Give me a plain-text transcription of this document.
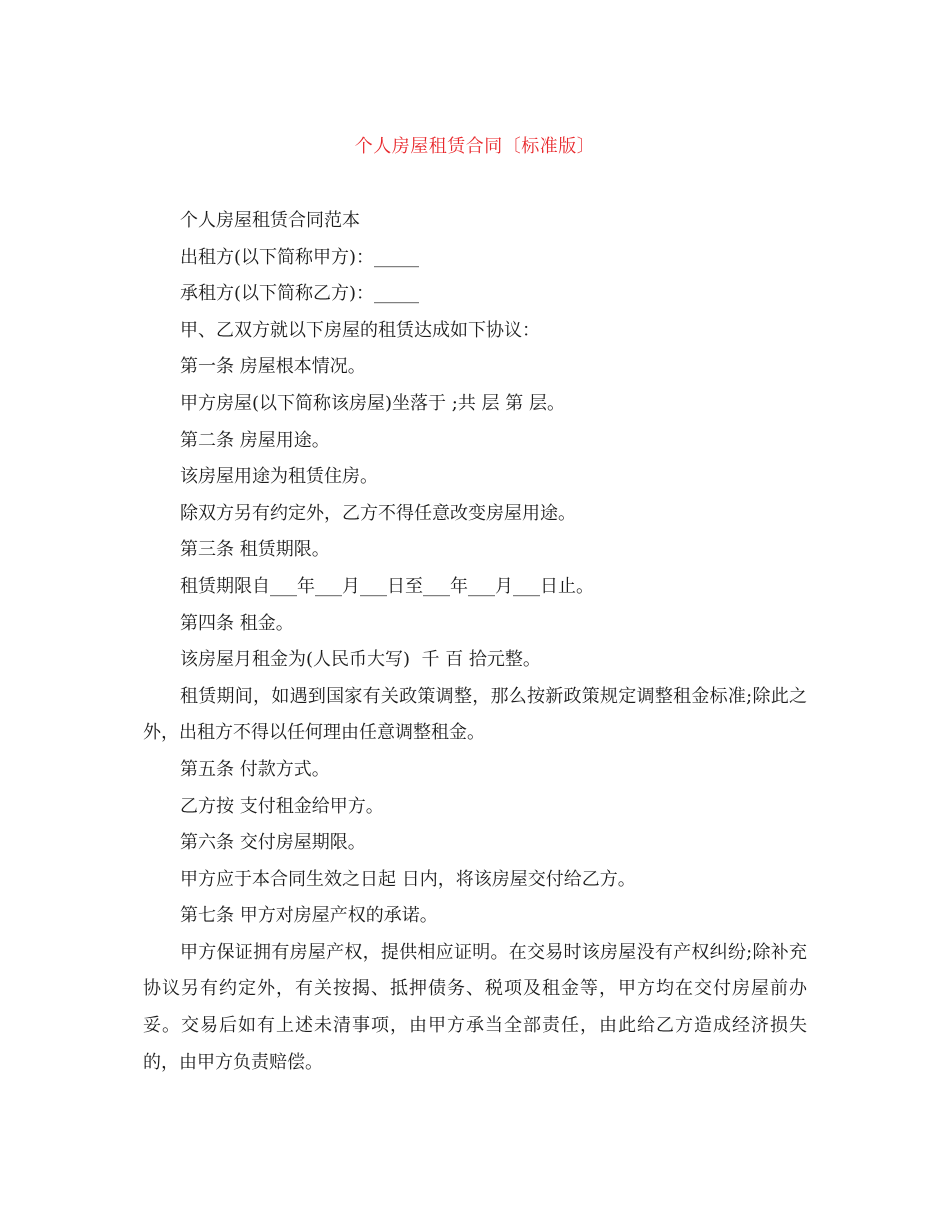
个人房屋租赁合同〔标准版〕

个人房屋租赁合同范本

出租方(以下简称甲方)：_____

承租方(以下简称乙方)：_____

甲、乙双方就以下房屋的租赁达成如下协议：

第一条 房屋根本情况。

甲方房屋(以下简称该房屋)坐落于 ;共 层 第 层。

第二条 房屋用途。

该房屋用途为租赁住房。

除双方另有约定外，乙方不得任意改变房屋用途。

第三条 租赁期限。

租赁期限自___年___月___日至___年___月___日止。

第四条 租金。

该房屋月租金为(人民币大写)  千 百 拾元整。

租赁期间，如遇到国家有关政策调整，那么按新政策规定调整租金标准;除此之外，出租方不得以任何理由任意调整租金。

第五条 付款方式。

乙方按 支付租金给甲方。

第六条 交付房屋期限。

甲方应于本合同生效之日起 日内，将该房屋交付给乙方。

第七条 甲方对房屋产权的承诺。

甲方保证拥有房屋产权，提供相应证明。在交易时该房屋没有产权纠纷;除补充协议另有约定外，有关按揭、抵押债务、税项及租金等，甲方均在交付房屋前办妥。交易后如有上述未清事项，由甲方承当全部责任，由此给乙方造成经济损失的，由甲方负责赔偿。
